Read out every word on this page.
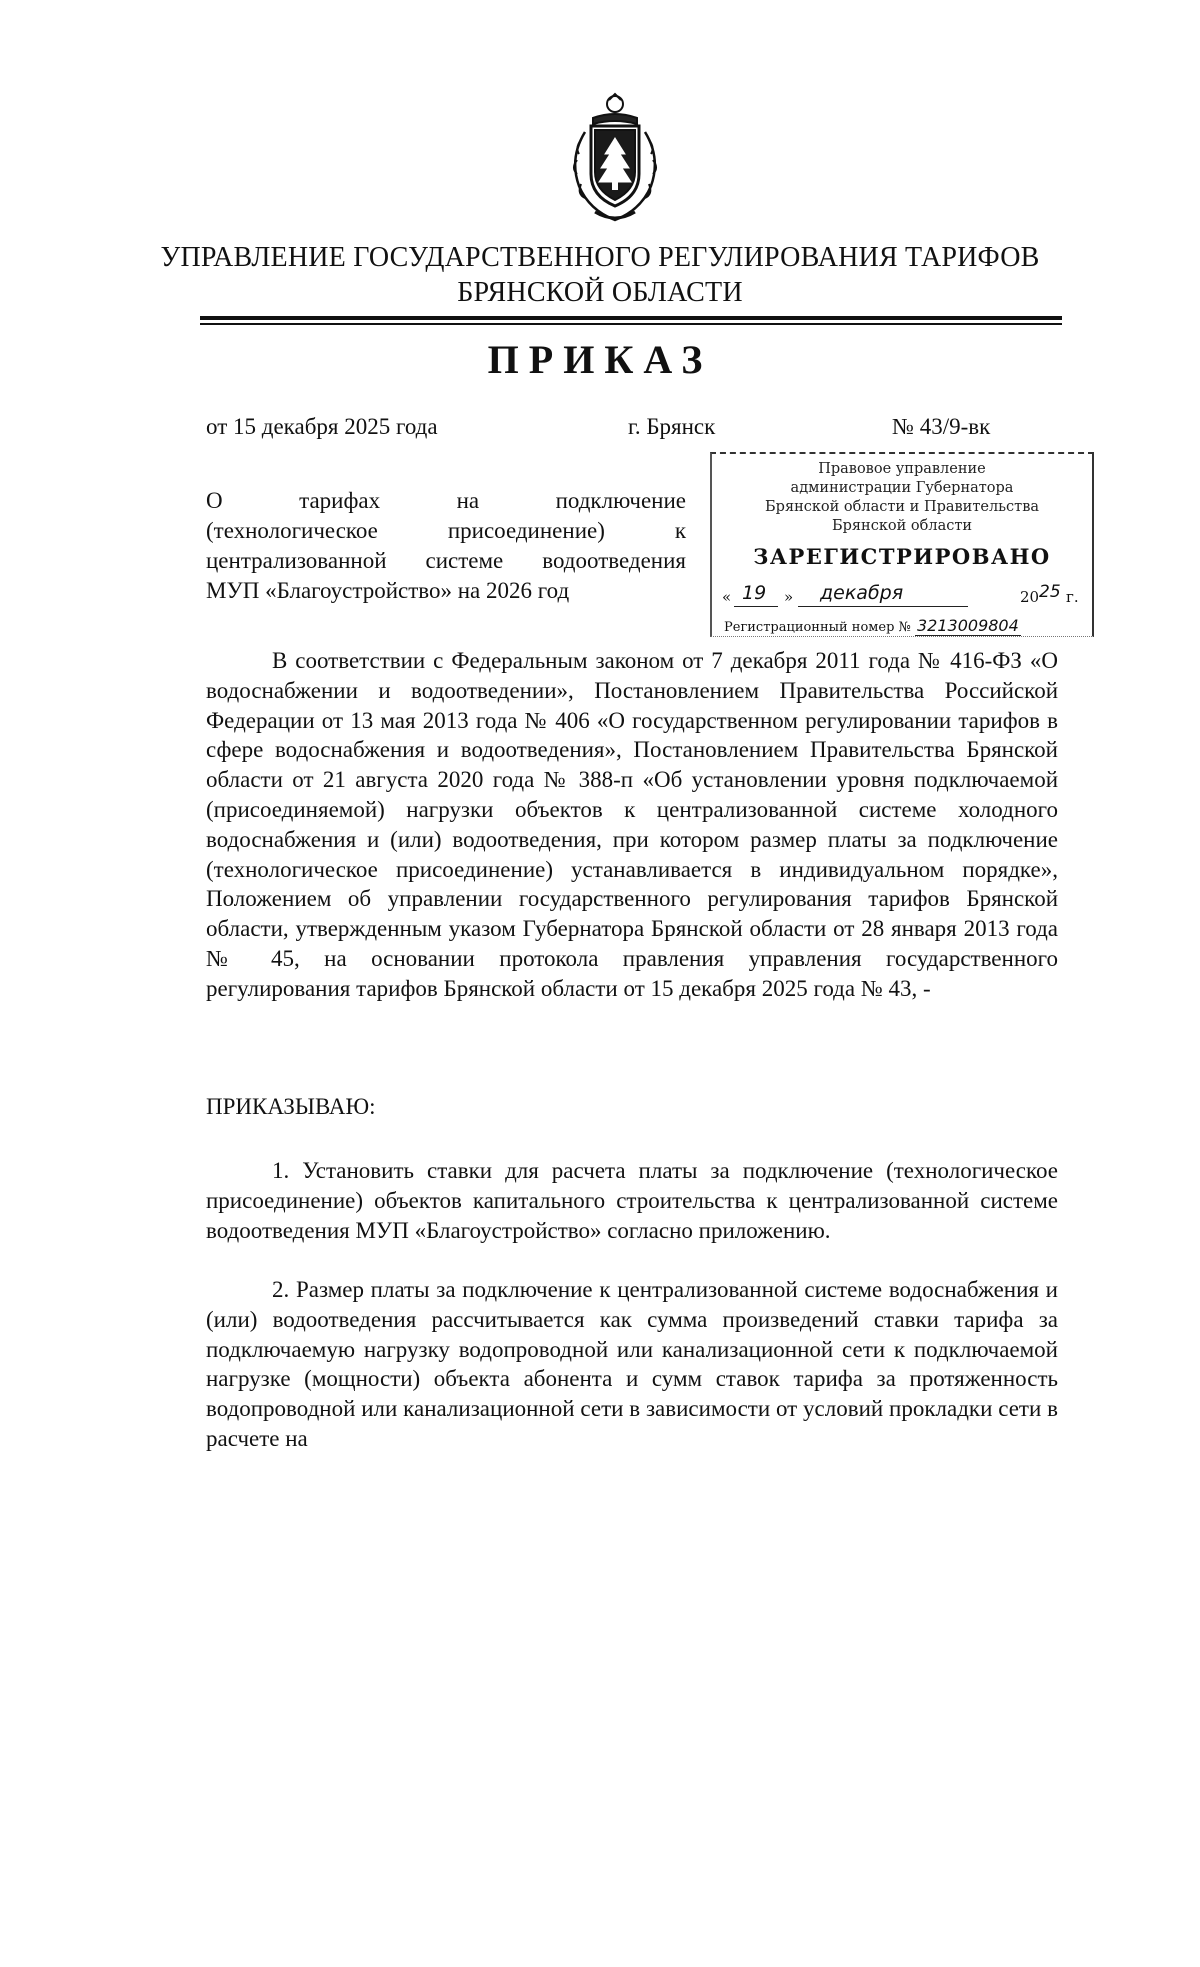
УПРАВЛЕНИЕ ГОСУДАРСТВЕННОГО РЕГУЛИРОВАНИЯ ТАРИФОВ
БРЯНСКОЙ ОБЛАСТИ
ПРИКАЗ
от 15 декабря 2025 года	г. Брянск	№ 43/9-вк
О тарифах на подключение
(технологическое присоединение) к
централизованной системе водоотведения
МУП «Благоустройство» на 2026 год
Правовое управление
администрации Губернатора
Брянской области и Правительства
Брянской области
ЗАРЕГИСТРИРОВАНО
« 19 » декабря	20 25 г.
Регистрационный номер № 3213009804
В соответствии с Федеральным законом от 7 декабря 2011 года № 416-ФЗ «О водоснабжении и водоотведении», Постановлением Правительства Российской Федерации от 13 мая 2013 года № 406 «О государственном регулировании тарифов в сфере водоснабжения и водоотведения», Постановлением Правительства Брянской области от 21 августа 2020 года № 388-п «Об установлении уровня подключаемой (присоединяемой) нагрузки объектов к централизованной системе холодного водоснабжения и (или) водоотведения, при котором размер платы за подключение (технологическое присоединение) устанавливается в индивидуальном порядке», Положением об управлении государственного регулирования тарифов Брянской области, утвержденным указом Губернатора Брянской области от 28 января 2013 года № 45, на основании протокола правления управления государственного регулирования тарифов Брянской области от 15 декабря 2025 года № 43, -
ПРИКАЗЫВАЮ:
1. Установить ставки для расчета платы за подключение (технологическое присоединение) объектов капитального строительства к централизованной системе водоотведения МУП «Благоустройство» согласно приложению.
2. Размер платы за подключение к централизованной системе водоснабжения и (или) водоотведения рассчитывается как сумма произведений ставки тарифа за подключаемую нагрузку водопроводной или канализационной сети к подключаемой нагрузке (мощности) объекта абонента и сумм ставок тарифа за протяженность водопроводной или канализационной сети в зависимости от условий прокладки сети в расчете на
